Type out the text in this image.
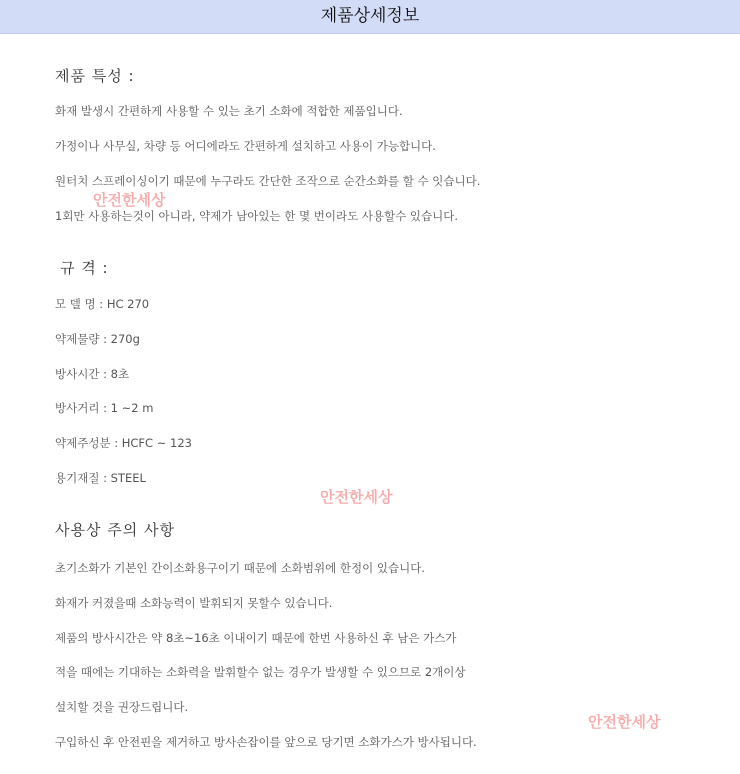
제품상세정보
제품 특성 :
화재 발생시 간편하게 사용할 수 있는 초기 소화에 적합한 제품입니다.
가정이나 사무실, 차량 등 어디에라도 간편하게 설치하고 사용이 가능합니다.
원터치 스프레이싱이기 때문에 누구라도 간단한 조작으로 순간소화를 할 수 잇습니다.
1회만 사용하는것이 아니라, 약제가 남아있는 한 몇 번이라도 사용할수 있습니다.
규 격 :
모 델 명 : HC 270
약제물량 : 270g
방사시간 : 8초
방사거리 : 1 ~2 m
약제주성분 : HCFC ~ 123
용기재질 : STEEL
사용상 주의 사항
초기소화가 기본인 간이소화용구이기 때문에 소화범위에 한정이 있습니다.
화재가 커졌을때 소화능력이 발휘되지 못할수 있습니다.
제품의 방사시간은 약 8초~16초 이내이기 때문에 한번 사용하신 후 남은 가스가
적을 때에는 기대하는 소화력을 발휘할수 없는 경우가 발생할 수 있으므로 2개이상
설치할 것을 권장드립니다.
구입하신 후 안전핀을 제거하고 방사손잡이를 앞으로 당기면 소화가스가 방사됩니다.
안전한세상
안전한세상
안전한세상
